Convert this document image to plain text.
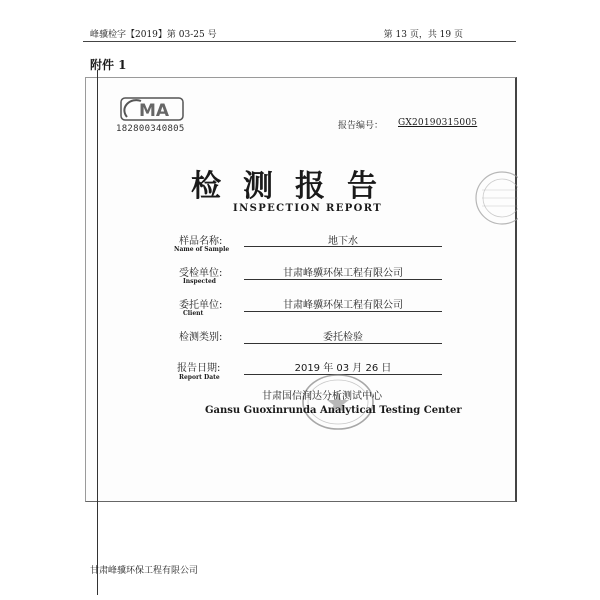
峰骥检字【2019】第 03-25 号	第 13 页，共 19 页
附件 1
MA
182800340805	报告编号： GX20190315005
检测报告
INSPECTION REPORT
样品名称:
Name of Sample
地下水
受检单位:
Inspected
甘肃峰骥环保工程有限公司
委托单位:
Client
甘肃峰骥环保工程有限公司
检测类别:	委托检验
报告日期:
Report Date
2019 年 03 月 26 日
甘肃国信润达分析测试中心
Gansu Guoxinrunda Analytical Testing Center
甘肃峰骥环保工程有限公司
